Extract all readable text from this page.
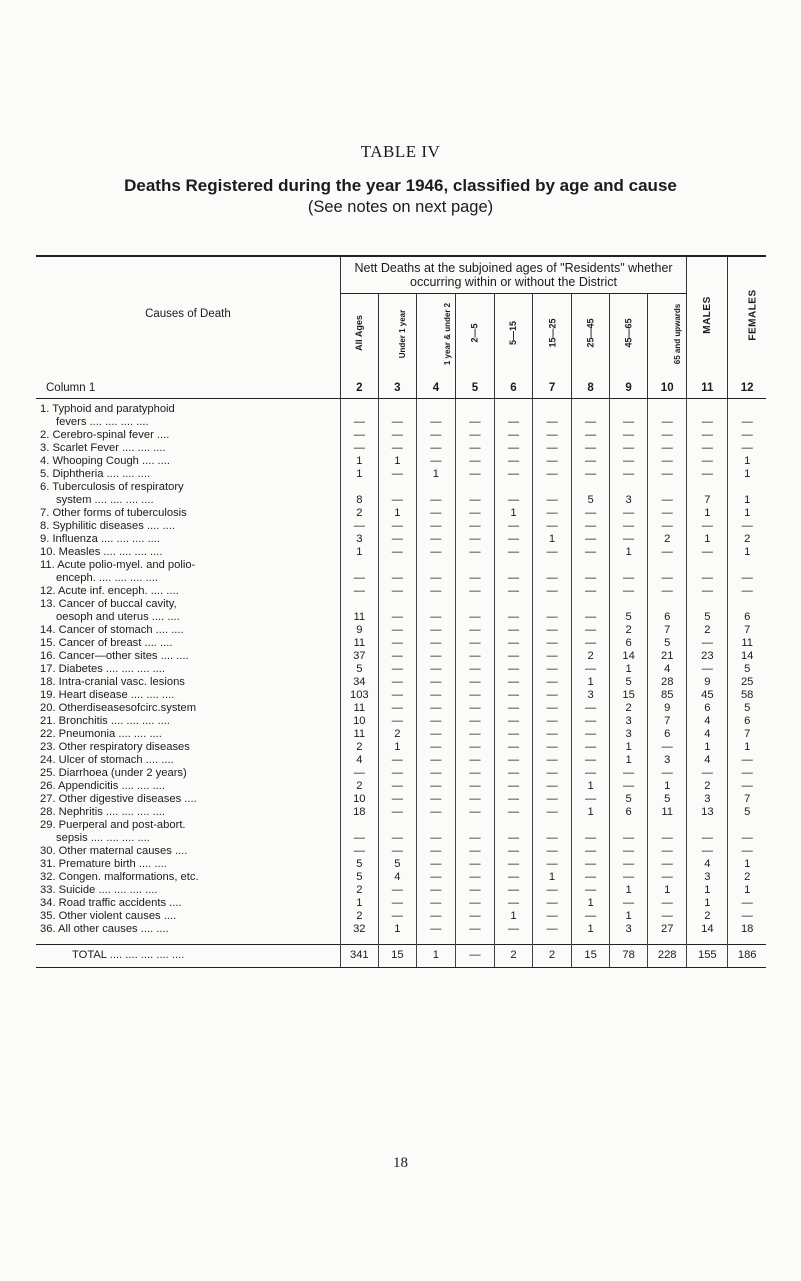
TABLE IV
Deaths Registered during the year 1946, classified by age and cause
(See notes on next page)
Causes of Death	Nett Deaths at the subjoined ages of "Residents" whether occurring within or without the District									MALES	FEMALES
	All Ages	Under 1 year	1 year & under 2	2—5	5—15	15—25	25—45	45—65	65 and upwards		
Column 1	2	3	4	5	6	7	8	9	10	11	12
1. Typhoid and paratyphoid											
fevers .... .... .... ....	—	—	—	—	—	—	—	—	—	—	—
2. Cerebro-spinal fever ....	—	—	—	—	—	—	—	—	—	—	—
3. Scarlet Fever .... .... ....	—	—	—	—	—	—	—	—	—	—	—
4. Whooping Cough .... ....	1	1	—	—	—	—	—	—	—	—	1
5. Diphtheria .... .... ....	1	—	1	—	—	—	—	—	—	—	1
6. Tuberculosis of respiratory											
system .... .... .... ....	8	—	—	—	—	—	5	3	—	7	1
7. Other forms of tuberculosis	2	1	—	—	1	—	—	—	—	1	1
8. Syphilitic diseases .... ....	—	—	—	—	—	—	—	—	—	—	—
9. Influenza .... .... .... ....	3	—	—	—	—	1	—	—	2	1	2
10. Measles .... .... .... ....	1	—	—	—	—	—	—	1	—	—	1
11. Acute polio-myel. and polio-											
enceph. .... .... .... ....	—	—	—	—	—	—	—	—	—	—	—
12. Acute inf. enceph. .... ....	—	—	—	—	—	—	—	—	—	—	—
13. Cancer of buccal cavity,											
oesoph and uterus .... ....	11	—	—	—	—	—	—	5	6	5	6
14. Cancer of stomach .... ....	9	—	—	—	—	—	—	2	7	2	7
15. Cancer of breast .... ....	11	—	—	—	—	—	—	6	5	—	11
16. Cancer—other sites .... ....	37	—	—	—	—	—	2	14	21	23	14
17. Diabetes .... .... .... ....	5	—	—	—	—	—	—	1	4	—	5
18. Intra-cranial vasc. lesions	34	—	—	—	—	—	1	5	28	9	25
19. Heart disease .... .... ....	103	—	—	—	—	—	3	15	85	45	58
20. Otherdiseasesofcirc.system	11	—	—	—	—	—	—	2	9	6	5
21. Bronchitis .... .... .... ....	10	—	—	—	—	—	—	3	7	4	6
22. Pneumonia .... .... ....	11	2	—	—	—	—	—	3	6	4	7
23. Other respiratory diseases	2	1	—	—	—	—	—	1	—	1	1
24. Ulcer of stomach .... ....	4	—	—	—	—	—	—	1	3	4	—
25. Diarrhoea (under 2 years)	—	—	—	—	—	—	—	—	—	—	—
26. Appendicitis .... .... ....	2	—	—	—	—	—	1	—	1	2	—
27. Other digestive diseases ....	10	—	—	—	—	—	—	5	5	3	7
28. Nephritis .... .... .... ....	18	—	—	—	—	—	1	6	11	13	5
29. Puerperal and post-abort.											
sepsis .... .... .... ....	—	—	—	—	—	—	—	—	—	—	—
30. Other maternal causes ....	—	—	—	—	—	—	—	—	—	—	—
31. Premature birth .... ....	5	5	—	—	—	—	—	—	—	4	1
32. Congen. malformations, etc.	5	4	—	—	—	1	—	—	—	3	2
33. Suicide .... .... .... ....	2	—	—	—	—	—	—	1	1	1	1
34. Road traffic accidents ....	1	—	—	—	—	—	1	—	—	1	—
35. Other violent causes ....	2	—	—	—	1	—	—	1	—	2	—
36. All other causes .... ....	32	1	—	—	—	—	1	3	27	14	18

TOTAL .... .... .... .... ....	341	15	1	—	2	2	15	78	228	155	186
18
